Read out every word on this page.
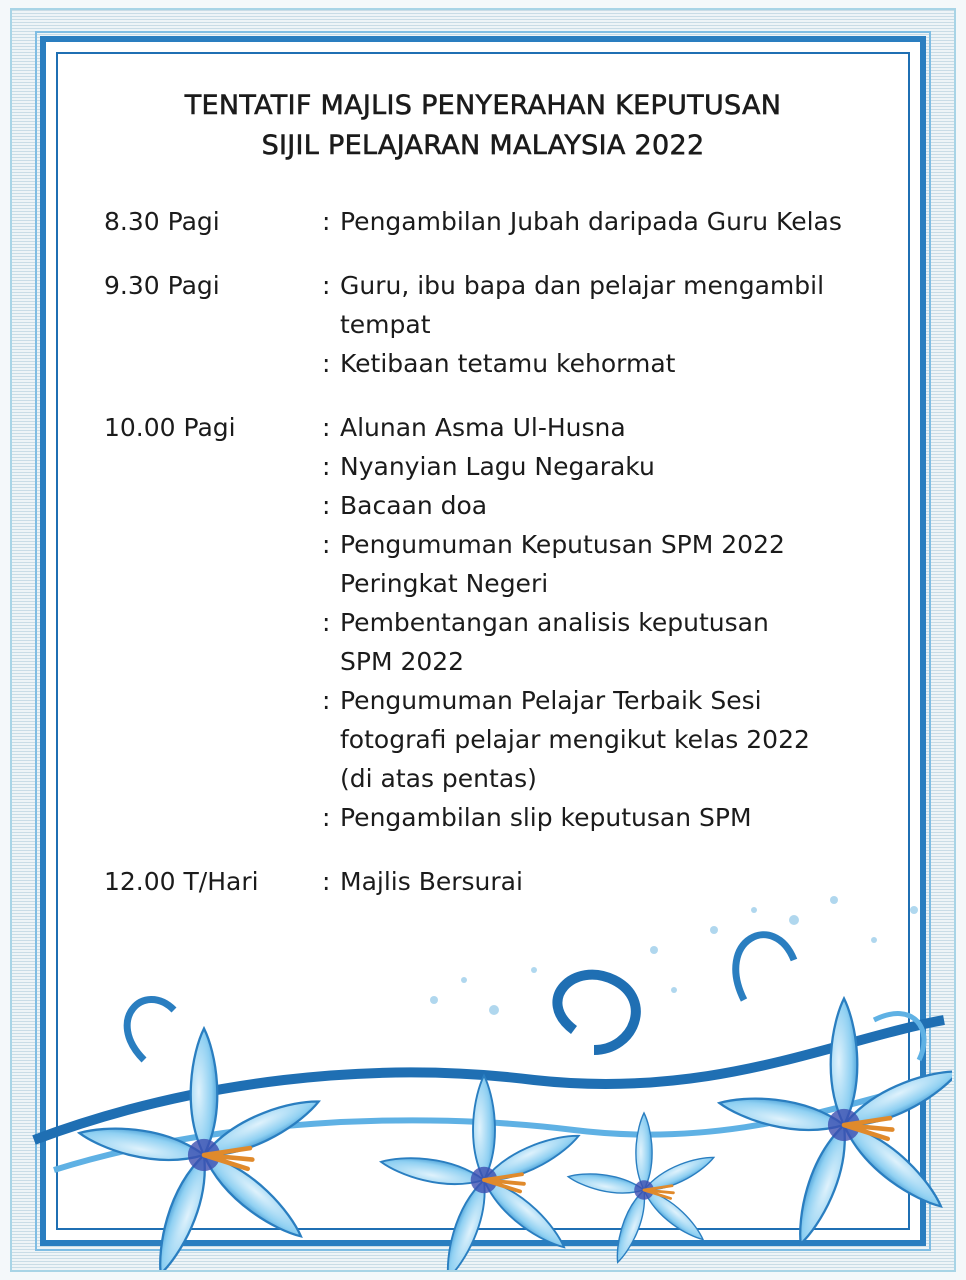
TENTATIF MAJLIS PENYERAHAN KEPUTUSAN
SIJIL PELAJARAN MALAYSIA 2022
8.30 Pagi	: Pengambilan Jubah daripada Guru Kelas
9.30 Pagi	: Guru, ibu bapa dan pelajar mengambil
tempat
: Ketibaan tetamu kehormat
10.00 Pagi	: Alunan Asma Ul-Husna
: Nyanyian Lagu Negaraku
: Bacaan doa
: Pengumuman Keputusan SPM 2022
Peringkat Negeri
: Pembentangan analisis keputusan
SPM 2022
: Pengumuman Pelajar Terbaik Sesi
fotografi pelajar mengikut kelas 2022
(di atas pentas)
: Pengambilan slip keputusan SPM
12.00 T/Hari	: Majlis Bersurai
